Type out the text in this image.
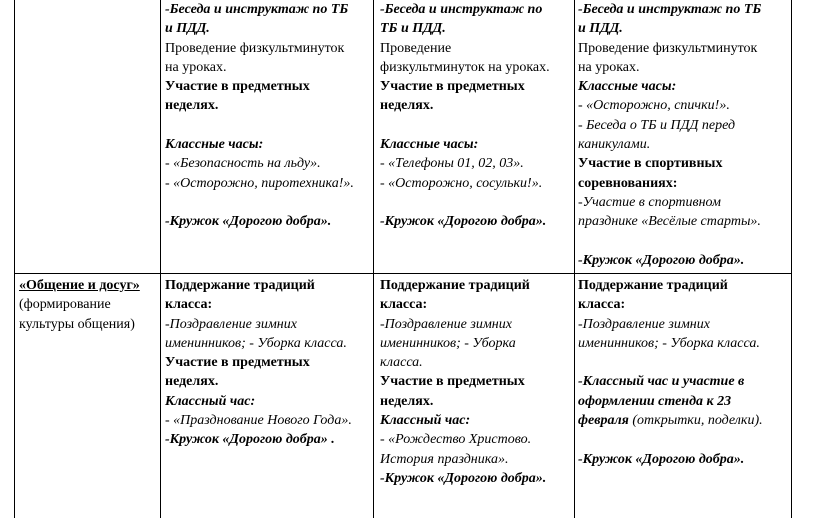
-Беседа и инструктаж по ТБ
и ПДД.
Проведение физкультминуток
на уроках.
Участие в предметных
неделях.

Классные часы:
- «Безопасность на льду».
- «Осторожно, пиротехника!».

-Кружок «Дорогою добра».
-Беседа и инструктаж по
ТБ и ПДД.
Проведение
физкультминуток на уроках.
Участие в предметных
неделях.

Классные часы:
- «Телефоны 01, 02, 03».
- «Осторожно, сосульки!».

-Кружок «Дорогою добра».
-Беседа и инструктаж по ТБ
и ПДД.
Проведение физкультминуток
на уроках.
Классные часы:
- «Осторожно, спички!».
- Беседа о ТБ и ПДД перед
каникулами.
Участие в спортивных
соревнованиях:
-Участие в спортивном
празднике «Весёлые старты».

-Кружок «Дорогою добра».
«Общение и досуг»
(формирование
культуры общения)
Поддержание традиций
класса:
-Поздравление зимних
именинников; - Уборка класса.
Участие в предметных
неделях.
Классный час:
- «Празднование Нового Года».
-Кружок «Дорогою добра» .
Поддержание традиций
класса:
-Поздравление зимних
именинников; - Уборка
класса.
Участие в предметных
неделях.
Классный час:
- «Рождество Христово.
История праздника».
-Кружок «Дорогою добра».
Поддержание традиций
класса:
-Поздравление зимних
именинников; - Уборка класса.

-Классный час и участие в
оформлении стенда к 23
февраля (открытки, поделки).

-Кружок «Дорогою добра».
